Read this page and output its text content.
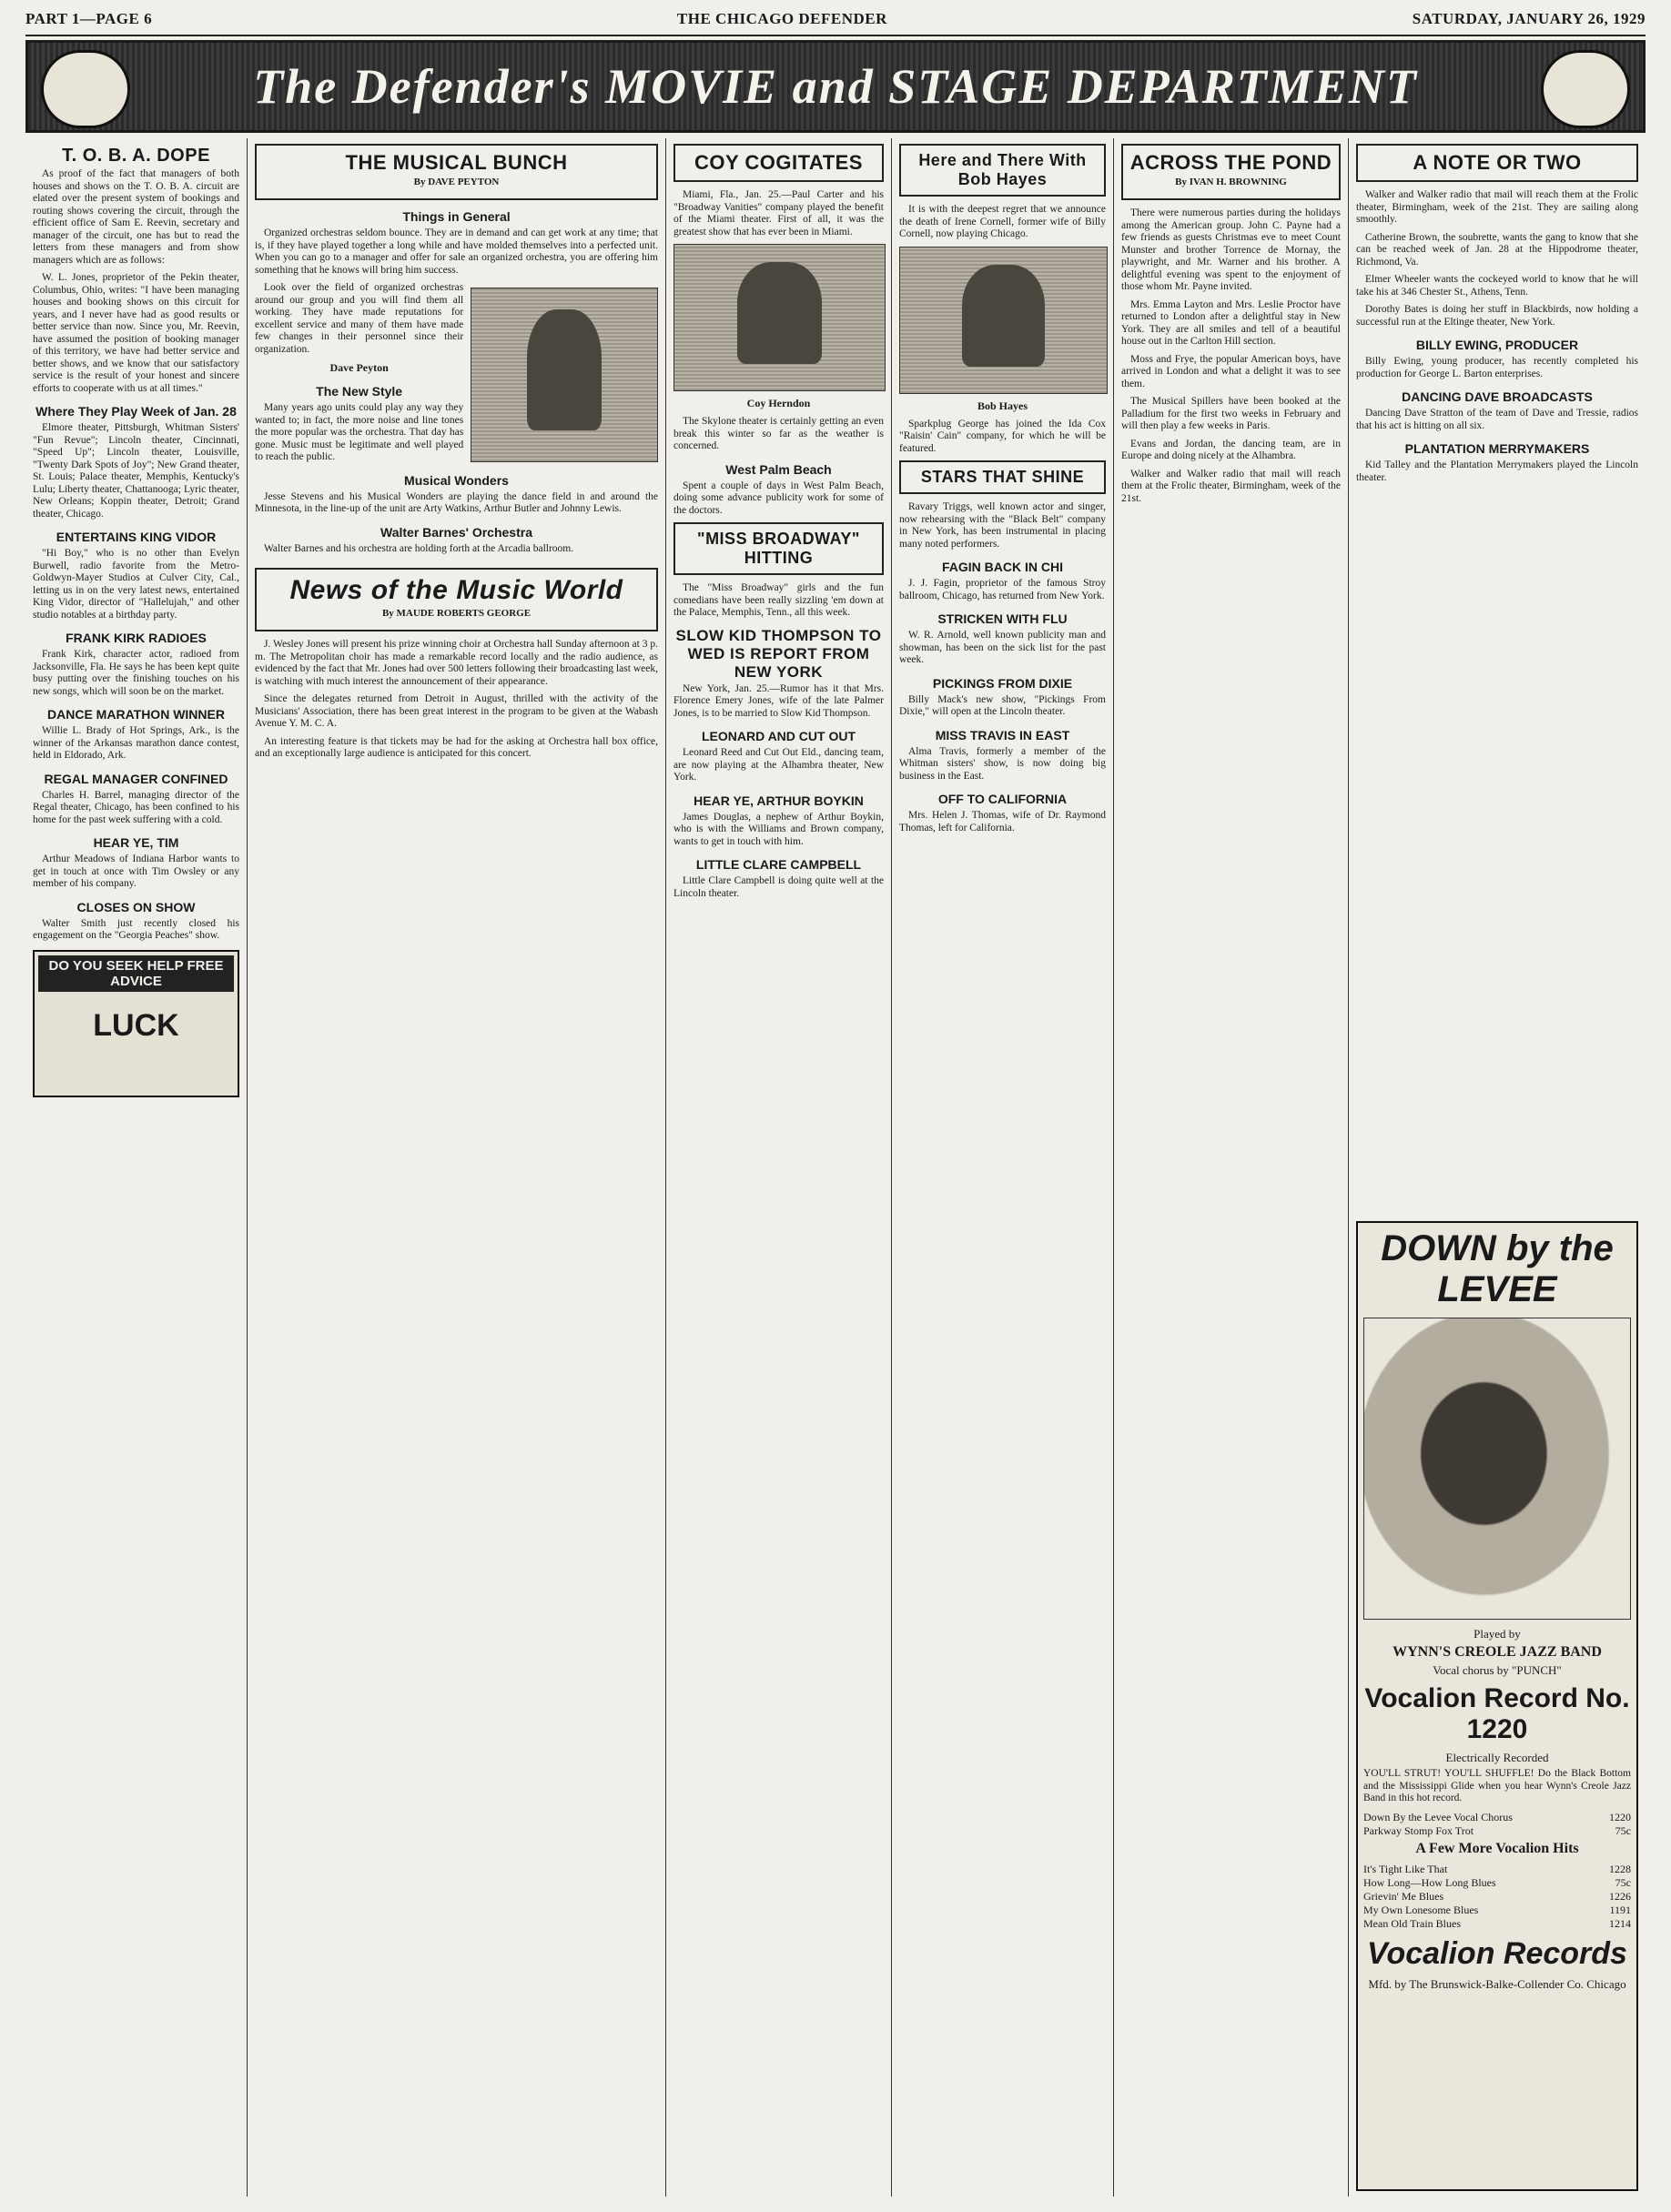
PART 1—PAGE 6	THE CHICAGO DEFENDER	SATURDAY, JANUARY 26, 1929
The Defender's MOVIE and STAGE DEPARTMENT
T. O. B. A. DOPE

As proof of the fact that managers of both houses and shows on the T. O. B. A. circuit are elated over the present system of bookings and routing shows covering the circuit, through the efficient office of Sam E. Reevin, secretary and manager of the circuit, one has but to read the letters from these managers and from show managers which are as follows:

W. L. Jones, proprietor of the Pekin theater, Columbus, Ohio, writes: "I have been managing houses and booking shows on this circuit for years, and I never have had as good results or better service than now. Since you, Mr. Reevin, have assumed the position of booking manager of this territory, we have had better service and better shows, and we know that our satisfactory service is the result of your honest and sincere efforts to cooperate with us at all times."

Where They Play Week of Jan. 28

Elmore theater, Pittsburgh, Whitman Sisters' "Fun Revue"; Lincoln theater, Cincinnati, "Speed Up"; Lincoln theater, Louisville, "Twenty Dark Spots of Joy"; New Grand theater, St. Louis; Palace theater, Memphis, Kentucky's Lulu; Liberty theater, Chattanooga; Lyric theater, New Orleans; Koppin theater, Detroit; Grand theater, Chicago.

ENTERTAINS KING VIDOR

"Hi Boy," who is no other than Evelyn Burwell, radio favorite from the Metro-Goldwyn-Mayer Studios at Culver City, Cal., letting us in on the very latest news, entertained King Vidor, director of "Hallelujah," and other studio notables at a birthday party.

FRANK KIRK RADIOES

Frank Kirk, character actor, radioed from Jacksonville, Fla. He says he has been kept quite busy putting over the finishing touches on his new songs, which will soon be on the market.

DANCE MARATHON WINNER

Willie L. Brady of Hot Springs, Ark., is the winner of the Arkansas marathon dance contest, held in Eldorado, Ark.

REGAL MANAGER CONFINED

Charles H. Barrel, managing director of the Regal theater, Chicago, has been confined to his home for the past week suffering with a cold.

HEAR YE, TIM

Arthur Meadows of Indiana Harbor wants to get in touch at once with Tim Owsley or any member of his company.

CLOSES ON SHOW

Walter Smith just recently closed his engagement on the "Georgia Peaches" show.

DO YOU SEEK HELP FREE ADVICE
LUCK
THE MUSICAL BUNCH
By DAVE PEYTON
Things in General

Organized orchestras seldom bounce. They are in demand and can get work at any time; that is, if they have played together a long while and have molded themselves into a perfected unit. When you can go to a manager and offer for sale an organized orchestra, you are offering him something that he knows will bring him success.

Look over the field of organized orchestras around our group and you will find them all working. They have made reputations for excellent service and many of them have made few changes in their personnel since their organization.

Dave Peyton
The New Style

Many years ago units could play any way they wanted to; in fact, the more noise and line tones the more popular was the orchestra. That day has gone. Music must be legitimate and well played to reach the public.

Musical Wonders

Jesse Stevens and his Musical Wonders are playing the dance field in and around the Minnesota, in the line-up of the unit are Arty Watkins, Arthur Butler and Johnny Lewis.

Walter Barnes' Orchestra

Walter Barnes and his orchestra are holding forth at the Arcadia ballroom.

News of the Music World
By MAUDE ROBERTS GEORGE

J. Wesley Jones will present his prize winning choir at Orchestra hall Sunday afternoon at 3 p. m. The Metropolitan choir has made a remarkable record locally and the radio audience, as evidenced by the fact that Mr. Jones had over 500 letters following their broadcasting last week, is watching with much interest the announcement of their appearance.

Since the delegates returned from Detroit in August, thrilled with the activity of the Musicians' Association, there has been great interest in the program to be given at the Wabash Avenue Y. M. C. A.

An interesting feature is that tickets may be had for the asking at Orchestra hall box office, and an exceptionally large audience is anticipated for this concert.

COY COGITATES

Miami, Fla., Jan. 25.—Paul Carter and his "Broadway Vanities" company played the benefit of the Miami theater. First of all, it was the greatest show that has ever been in Miami.

Coy Herndon

The Skylone theater is certainly getting an even break this winter so far as the weather is concerned.

West Palm Beach

Spent a couple of days in West Palm Beach, doing some advance publicity work for some of the doctors.

"MISS BROADWAY" HITTING

The "Miss Broadway" girls and the fun comedians have been really sizzling 'em down at the Palace, Memphis, Tenn., all this week.

SLOW KID THOMPSON TO WED IS REPORT FROM NEW YORK

New York, Jan. 25.—Rumor has it that Mrs. Florence Emery Jones, wife of the late Palmer Jones, is to be married to Slow Kid Thompson.

LEONARD AND CUT OUT

Leonard Reed and Cut Out Eld., dancing team, are now playing at the Alhambra theater, New York.

HEAR YE, ARTHUR BOYKIN

James Douglas, a nephew of Arthur Boykin, who is with the Williams and Brown company, wants to get in touch with him.

LITTLE CLARE CAMPBELL

Little Clare Campbell is doing quite well at the Lincoln theater.

Here and There With Bob Hayes

It is with the deepest regret that we announce the death of Irene Cornell, former wife of Billy Cornell, now playing Chicago.

Bob Hayes

Sparkplug George has joined the Ida Cox "Raisin' Cain" company, for which he will be featured.

STARS THAT SHINE

Ravary Triggs, well known actor and singer, now rehearsing with the "Black Belt" company in New York, has been instrumental in placing many noted performers.

FAGIN BACK IN CHI

J. J. Fagin, proprietor of the famous Stroy ballroom, Chicago, has returned from New York.

STRICKEN WITH FLU

W. R. Arnold, well known publicity man and showman, has been on the sick list for the past week.

PICKINGS FROM DIXIE

Billy Mack's new show, "Pickings From Dixie," will open at the Lincoln theater.

MISS TRAVIS IN EAST

Alma Travis, formerly a member of the Whitman sisters' show, is now doing big business in the East.

OFF TO CALIFORNIA

Mrs. Helen J. Thomas, wife of Dr. Raymond Thomas, left for California.

ACROSS THE POND
By IVAN H. BROWNING

There were numerous parties during the holidays among the American group. John C. Payne had a few friends as guests Christmas eve to meet Count Munster and brother Torrence de Mornay, the playwright, and Mr. Warner and his brother. A delightful evening was spent to the enjoyment of those whom Mr. Payne invited.

Mrs. Emma Layton and Mrs. Leslie Proctor have returned to London after a delightful stay in New York. They are all smiles and tell of a beautiful house out in the Carlton Hill section.

Moss and Frye, the popular American boys, have arrived in London and what a delight it was to see them.

The Musical Spillers have been booked at the Palladium for the first two weeks in February and will then play a few weeks in Paris.

Evans and Jordan, the dancing team, are in Europe and doing nicely at the Alhambra.

Walker and Walker radio that mail will reach them at the Frolic theater, Birmingham, week of the 21st.

A NOTE OR TWO

Walker and Walker radio that mail will reach them at the Frolic theater, Birmingham, week of the 21st. They are sailing along smoothly.

Catherine Brown, the soubrette, wants the gang to know that she can be reached week of Jan. 28 at the Hippodrome theater, Richmond, Va.

Elmer Wheeler wants the cockeyed world to know that he will take his at 346 Chester St., Athens, Tenn.

Dorothy Bates is doing her stuff in Blackbirds, now holding a successful run at the Eltinge theater, New York.

BILLY EWING, PRODUCER

Billy Ewing, young producer, has recently completed his production for George L. Barton enterprises.

DANCING DAVE BROADCASTS

Dancing Dave Stratton of the team of Dave and Tressie, radios that his act is hitting on all six.

PLANTATION MERRYMAKERS

Kid Talley and the Plantation Merrymakers played the Lincoln theater.

DOWN by the LEVEE
Played by
WYNN'S CREOLE JAZZ BAND
Vocal chorus by "PUNCH"
Vocalion Record No. 1220
Electrically Recorded

YOU'LL STRUT! YOU'LL SHUFFLE! Do the Black Bottom and the Mississippi Glide when you hear Wynn's Creole Jazz Band in this hot record.

Down By the Levee Vocal Chorus	1220
Parkway Stomp Fox Trot	75c
A Few More Vocalion Hits
It's Tight Like That	1228
How Long—How Long Blues	75c
Grievin' Me Blues	1226
My Own Lonesome Blues	1191
Mean Old Train Blues	1214
Vocalion Records
Mfd. by The Brunswick-Balke-Collender Co. Chicago
